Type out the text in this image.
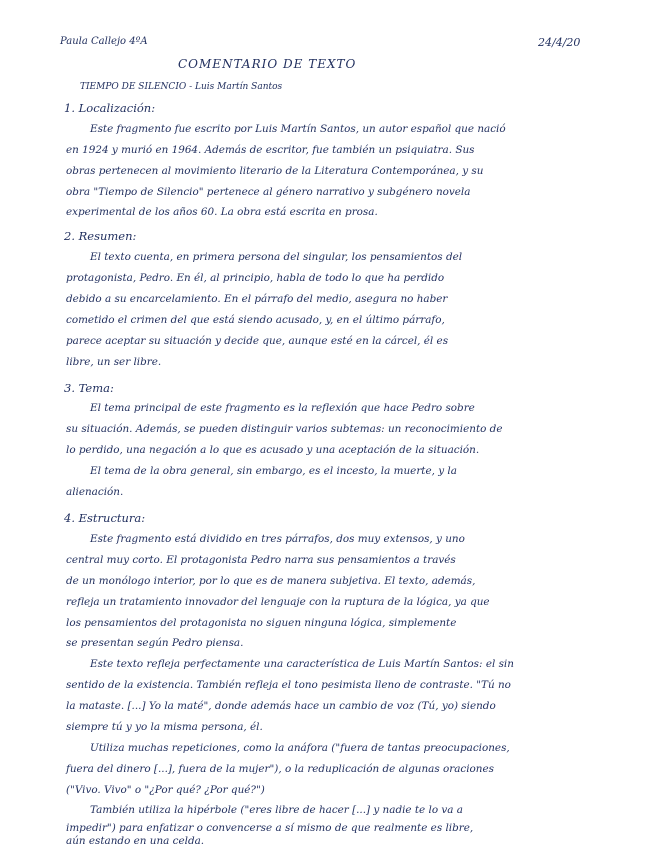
Paula Callejo 4ºA	24/4/20
COMENTARIO DE TEXTO
TIEMPO DE SILENCIO - Luis Martín Santos
1. Localización:
Este fragmento fue escrito por Luis Martín Santos, un autor español que nació
en 1924 y murió en 1964. Además de escritor, fue también un psiquiatra. Sus
obras pertenecen al movimiento literario de la Literatura Contemporánea, y su
obra "Tiempo de Silencio" pertenece al género narrativo y subgénero novela
experimental de los años 60. La obra está escrita en prosa.
2. Resumen:
El texto cuenta, en primera persona del singular, los pensamientos del
protagonista, Pedro. En él, al principio, habla de todo lo que ha perdido
debido a su encarcelamiento. En el párrafo del medio, asegura no haber
cometido el crimen del que está siendo acusado, y, en el último párrafo,
parece aceptar su situación y decide que, aunque esté en la cárcel, él es
libre, un ser libre.
3. Tema:
El tema principal de este fragmento es la reflexión que hace Pedro sobre
su situación. Además, se pueden distinguir varios subtemas: un reconocimiento de
lo perdido, una negación a lo que es acusado y una aceptación de la situación.
El tema de la obra general, sin embargo, es el incesto, la muerte, y la
alienación.
4. Estructura:
Este fragmento está dividido en tres párrafos, dos muy extensos, y uno
central muy corto. El protagonista Pedro narra sus pensamientos a través
de un monólogo interior, por lo que es de manera subjetiva. El texto, además,
refleja un tratamiento innovador del lenguaje con la ruptura de la lógica, ya que
los pensamientos del protagonista no siguen ninguna lógica, simplemente
se presentan según Pedro piensa.
Este texto refleja perfectamente una característica de Luis Martín Santos: el sin
sentido de la existencia. También refleja el tono pesimista lleno de contraste. "Tú no
la mataste. [...] Yo la maté", donde además hace un cambio de voz (Tú, yo) siendo
siempre tú y yo la misma persona, él.
Utiliza muchas repeticiones, como la anáfora ("fuera de tantas preocupaciones,
fuera del dinero [...], fuera de la mujer"), o la reduplicación de algunas oraciones
("Vivo. Vivo" o "¿Por qué? ¿Por qué?")
También utiliza la hipérbole ("eres libre de hacer [...] y nadie te lo va a
impedir") para enfatizar o convencerse a sí mismo de que realmente es libre,
aún estando en una celda.
